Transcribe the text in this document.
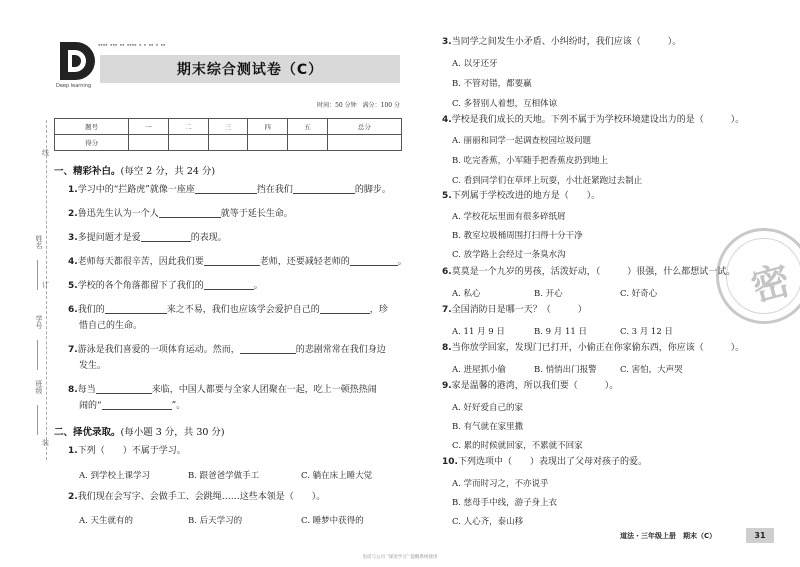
线
姓名
订
学号
班级
装
Deep learning
▪▪▪▪ ▪▪▪ ▪▪ ▪▪▪▪ ▪ ▪ ▪▪ ▪ ▪▪
期末综合测试卷（C）
时间：50 分钟　满分：100 分
题号	一	二	三	四	五	总分
得分						
一、精彩补白。(每空 2 分，共 24 分)
1.学习中的“拦路虎”就像一座座	挡在我们	的脚步。
2.鲁迅先生认为一个人	就等于延长生命。
3.多提问题才是爱	的表现。
4.老师每天都很辛苦，因此我们要	老师，还要减轻老师的	。
5.学校的各个角落都留下了我们的	。
6.我们的	来之不易，我们也应该学会爱护自己的	，珍
惜自己的生命。
7.游泳是我们喜爱的一项体育运动。然而，	的悲剧常常在我们身边
发生。
8.每当	来临，中国人都要与全家人团聚在一起，吃上一顿热热闹
闹的“	”。
二、择优录取。(每小题 3 分，共 30 分)
1.下列（　　）不属于学习。
A. 到学校上课学习	B. 跟爸爸学做手工	C. 躺在床上睡大觉
2.我们现在会写字、会做手工、会跳绳……这些本领是（　　）。
A. 天生就有的	B. 后天学习的	C. 睡梦中获得的
密
3.当同学之间发生小矛盾、小纠纷时，我们应该（　　　）。
A. 以牙还牙
B. 不管对错，都要赢
C. 多替别人着想，互相体谅
4.学校是我们成长的天地。下列不属于为学校环境建设出力的是（　　　）。
A. 丽丽和同学一起调查校园垃圾问题
B. 吃完香蕉，小军随手把香蕉皮扔到地上
C. 看到同学们在草坪上玩耍，小壮赶紧跑过去制止
5.下列属于学校改进的地方是（　　）。
A. 学校花坛里面有很多碎纸屑
B. 教室垃圾桶周围打扫得十分干净
C. 放学路上会经过一条臭水沟
6.莫莫是一个九岁的男孩，活泼好动，（　　　）很强，什么都想试一试。
A. 私心	B. 开心	C. 好奇心
7.全国消防日是哪一天？（　　　）
A. 11 月 9 日	B. 9 月 11 日	C. 3 月 12 日
8.当你放学回家，发现门已打开，小偷正在你家偷东西，你应该（　　　）。
A. 进屋抓小偷	B. 悄悄出门报警	C. 害怕，大声哭
9.家是温馨的港湾，所以我们要（　　　）。
A. 好好爱自己的家
B. 有气就在家里撒
C. 累的时候就回家，不累就不回家
10.下列选项中（　　）表现出了父母对孩子的爱。
A. 学而时习之，不亦说乎
B. 慈母手中线，游子身上衣
C. 人心齐，泰山移
道法・三年级上册　期末（C）	31
电话与公司 “深度学习” 提醒系统使用
